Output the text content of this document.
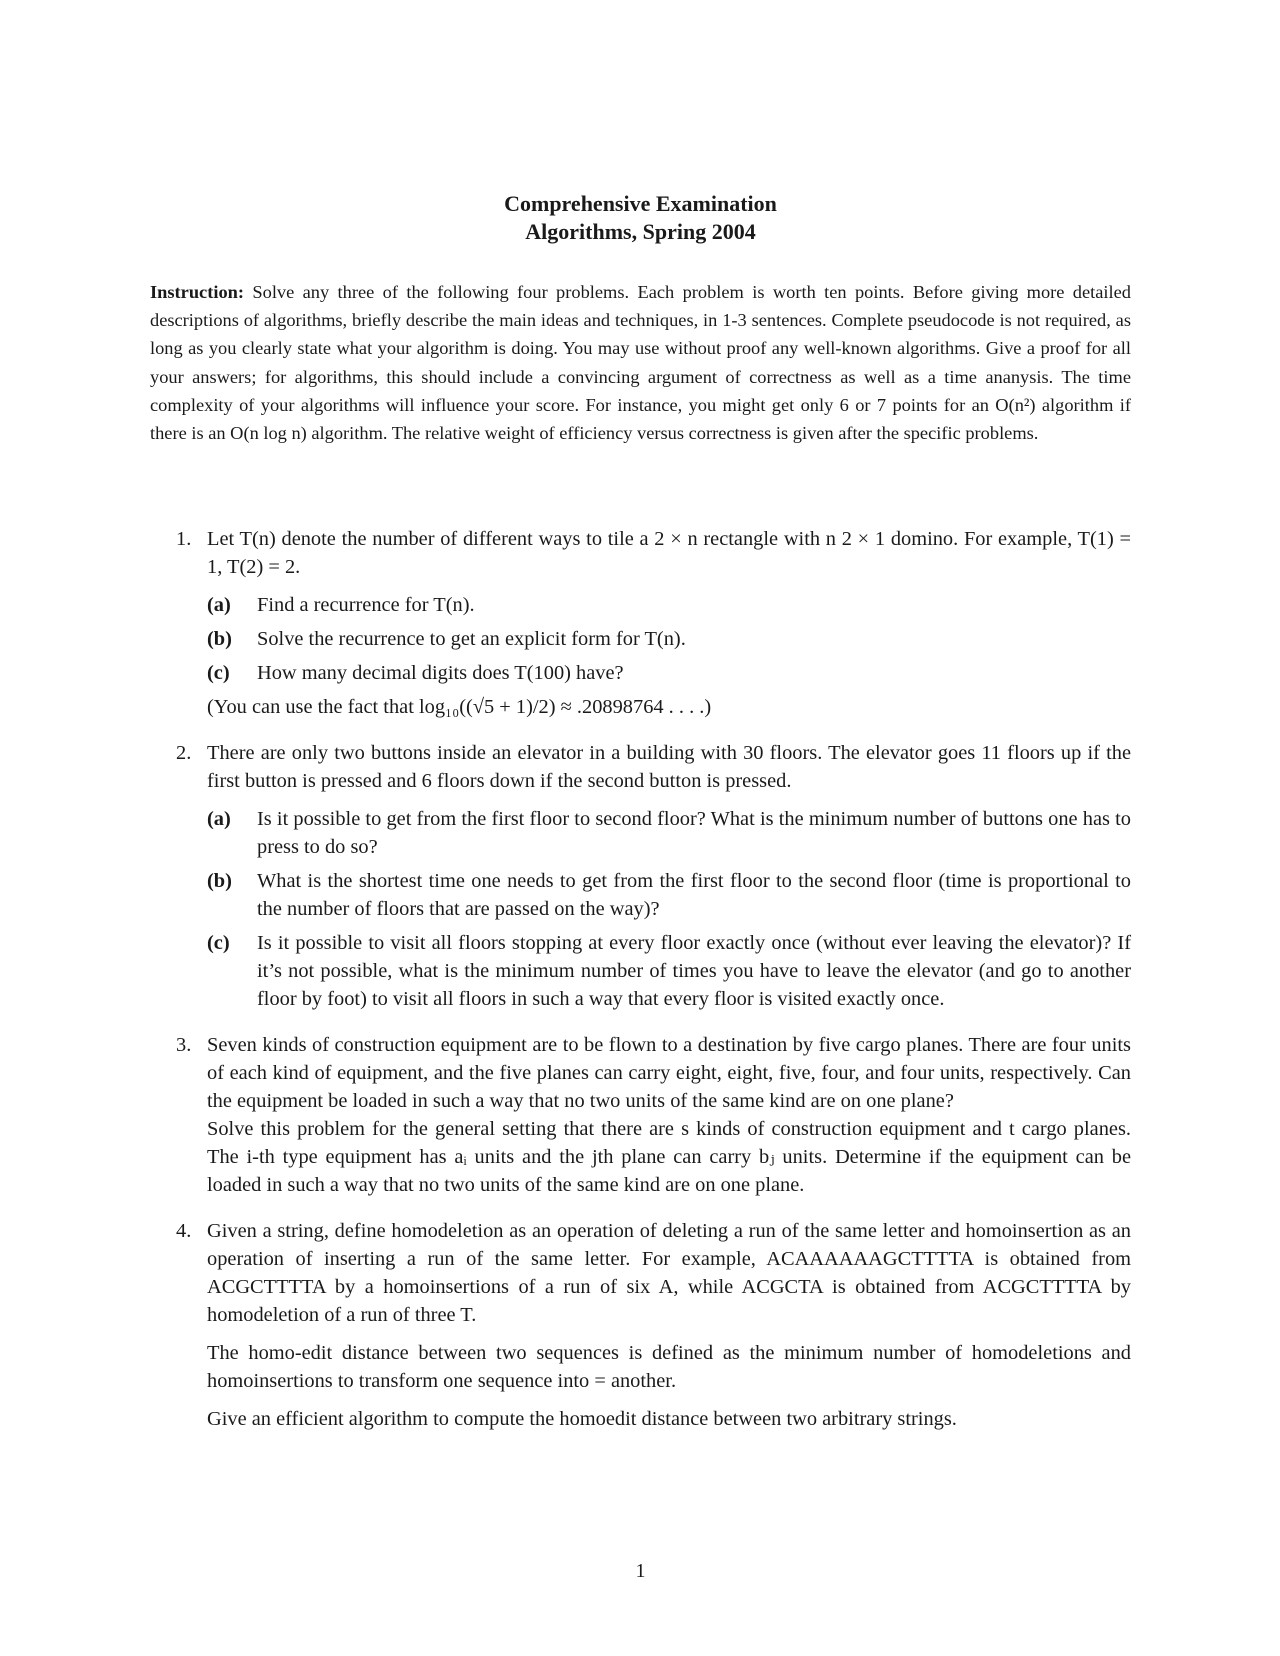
Comprehensive Examination
Algorithms, Spring 2004
Instruction: Solve any three of the following four problems. Each problem is worth ten points. Before giving more detailed descriptions of algorithms, briefly describe the main ideas and techniques, in 1-3 sentences. Complete pseudocode is not required, as long as you clearly state what your algorithm is doing. You may use without proof any well-known algorithms. Give a proof for all your answers; for algorithms, this should include a convincing argument of correctness as well as a time ananysis. The time complexity of your algorithms will influence your score. For instance, you might get only 6 or 7 points for an O(n²) algorithm if there is an O(n log n) algorithm. The relative weight of efficiency versus correctness is given after the specific problems.
1. Let T(n) denote the number of different ways to tile a 2 × n rectangle with n 2 × 1 domino. For example, T(1) = 1, T(2) = 2.

(a) Find a recurrence for T(n).
(b) Solve the recurrence to get an explicit form for T(n).
(c) How many decimal digits does T(100) have?

(You can use the fact that log₁₀((√5 + 1)/2) ≈ .20898764 . . . .)

2. There are only two buttons inside an elevator in a building with 30 floors. The elevator goes 11 floors up if the first button is pressed and 6 floors down if the second button is pressed.

(a) Is it possible to get from the first floor to second floor? What is the minimum number of buttons one has to press to do so?
(b) What is the shortest time one needs to get from the first floor to the second floor (time is proportional to the number of floors that are passed on the way)?
(c) Is it possible to visit all floors stopping at every floor exactly once (without ever leaving the elevator)? If it’s not possible, what is the minimum number of times you have to leave the elevator (and go to another floor by foot) to visit all floors in such a way that every floor is visited exactly once.
3. Seven kinds of construction equipment are to be flown to a destination by five cargo planes. There are four units of each kind of equipment, and the five planes can carry eight, eight, five, four, and four units, respectively. Can the equipment be loaded in such a way that no two units of the same kind are on one plane?

Solve this problem for the general setting that there are s kinds of construction equipment and t cargo planes. The i-th type equipment has aᵢ units and the jth plane can carry bⱼ units. Determine if the equipment can be loaded in such a way that no two units of the same kind are on one plane.

4. Given a string, define homodeletion as an operation of deleting a run of the same letter and homoinsertion as an operation of inserting a run of the same letter. For example, ACAAAAAAGCTTTTA is obtained from ACGCTTTTA by a homoinsertions of a run of six A, while ACGCTA is obtained from ACGCTTTTA by homodeletion of a run of three T.

The homo-edit distance between two sequences is defined as the minimum number of homodeletions and homoinsertions to transform one sequence into = another.

Give an efficient algorithm to compute the homoedit distance between two arbitrary strings.

1
